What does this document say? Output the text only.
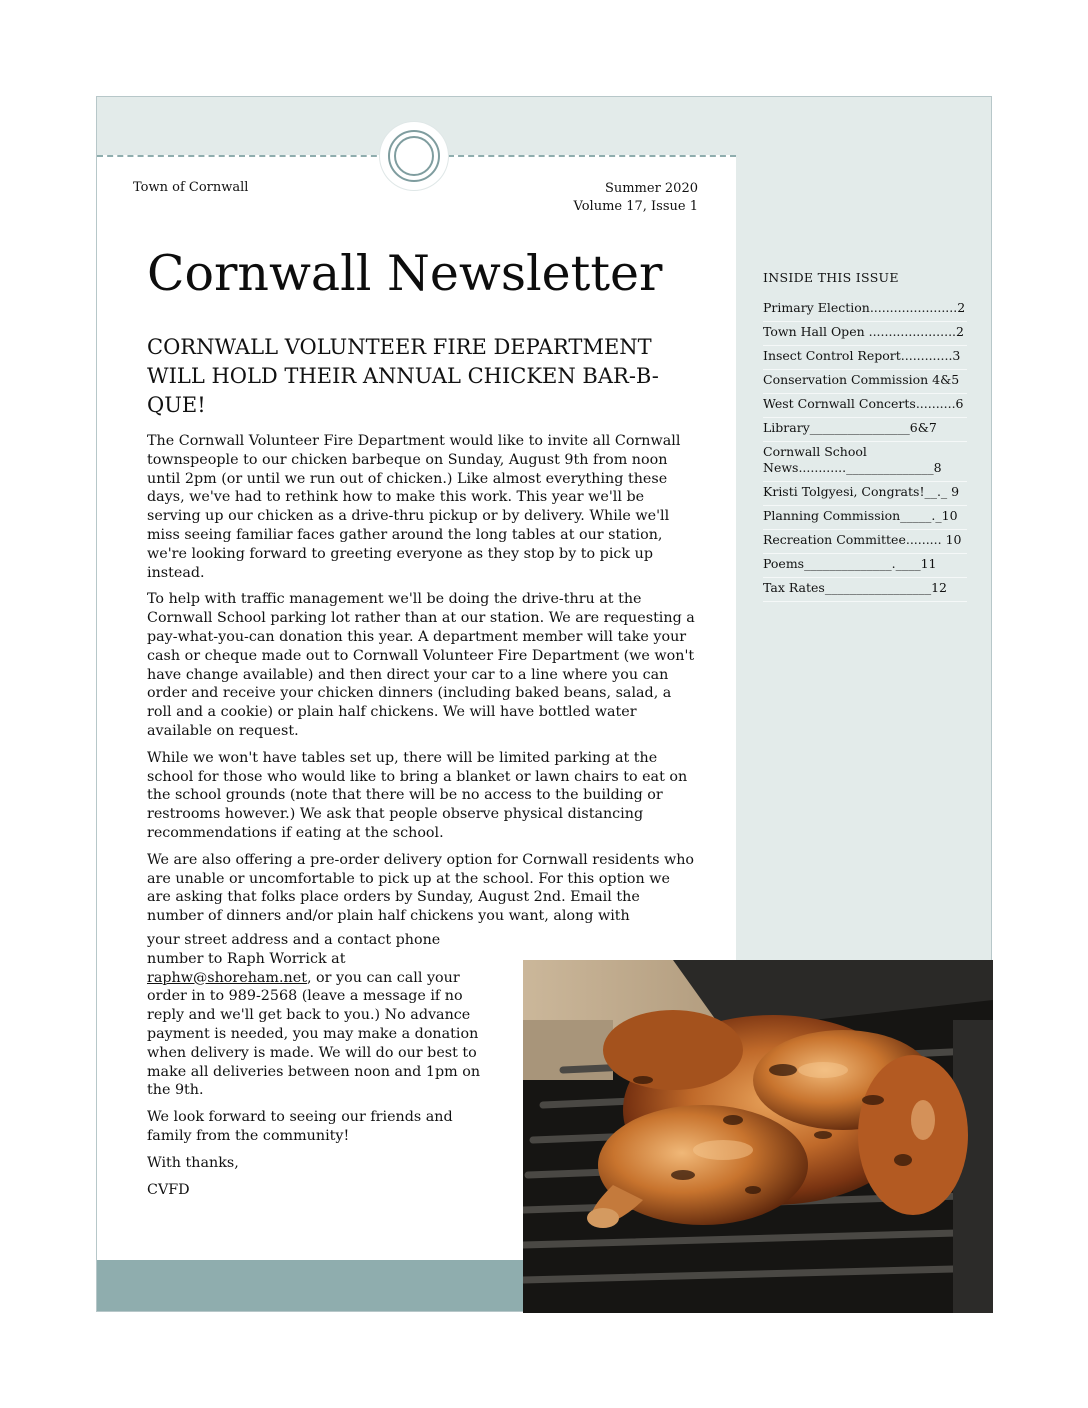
Town of Cornwall	Summer 2020
Volume 17, Issue 1
Cornwall Newsletter
CORNWALL VOLUNTEER FIRE DEPARTMENT WILL HOLD THEIR ANNUAL CHICKEN BAR-B-QUE!

The Cornwall Volunteer Fire Department would like to invite all Cornwall townspeople to our chicken barbeque on Sunday, August 9th from noon until 2pm (or until we run out of chicken.) Like almost everything these days, we've had to rethink how to make this work. This year we'll be serving up our chicken as a drive-thru pickup or by delivery. While we'll miss seeing familiar faces gather around the long tables at our station, we're looking forward to greeting everyone as they stop by to pick up instead.

To help with traffic management we'll be doing the drive-thru at the Cornwall School parking lot rather than at our station. We are requesting a pay-what-you-can donation this year. A department member will take your cash or cheque made out to Cornwall Volunteer Fire Department (we won't have change available) and then direct your car to a line where you can order and receive your chicken dinners (including baked beans, salad, a roll and a cookie) or plain half chickens. We will have bottled water available on request.

While we won't have tables set up, there will be limited parking at the school for those who would like to bring a blanket or lawn chairs to eat on the school grounds (note that there will be no access to the building or restrooms however.) We ask that people observe physical distancing recommendations if eating at the school.

We are also offering a pre-order delivery option for Cornwall residents who are unable or uncomfortable to pick up at the school. For this option we are asking that folks place orders by Sunday, August 2nd. Email the number of dinners and/or plain half chickens you want, along with

your street address and a contact phone number to Raph Worrick at raphw@shoreham.net, or you can call your order in to 989-2568 (leave a message if no reply and we'll get back to you.) No advance payment is needed, you may make a donation when delivery is made. We will do our best to make all deliveries between noon and 1pm on the 9th.

We look forward to seeing our friends and family from the community!

With thanks,

CVFD

INSIDE THIS ISSUE
Primary Election......................2
Town Hall Open ......................2
Insect Control Report.............3
Conservation Commission 4&5
West Cornwall Concerts..........6
Library________________6&7
Cornwall School News............______________8
Kristi Tolgyesi, Congrats!__._ 9
Planning Commission_____._10
Recreation Committee......... 10
Poems______________.____11
Tax Rates_________________12
